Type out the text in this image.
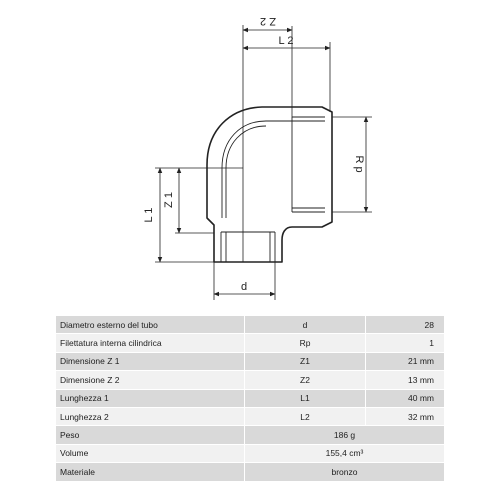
Z 2
L 2
R p
Z 1
L 1
d
Diametro esterno del tubo	d	28
Filettatura interna cilindrica	Rp	1
Dimensione Z 1	Z1	21 mm
Dimensione Z 2	Z2	13 mm
Lunghezza 1	L1	40 mm
Lunghezza 2	L2	32 mm
Peso	186 g	
Volume	155,4 cm³	
Materiale	bronzo	
